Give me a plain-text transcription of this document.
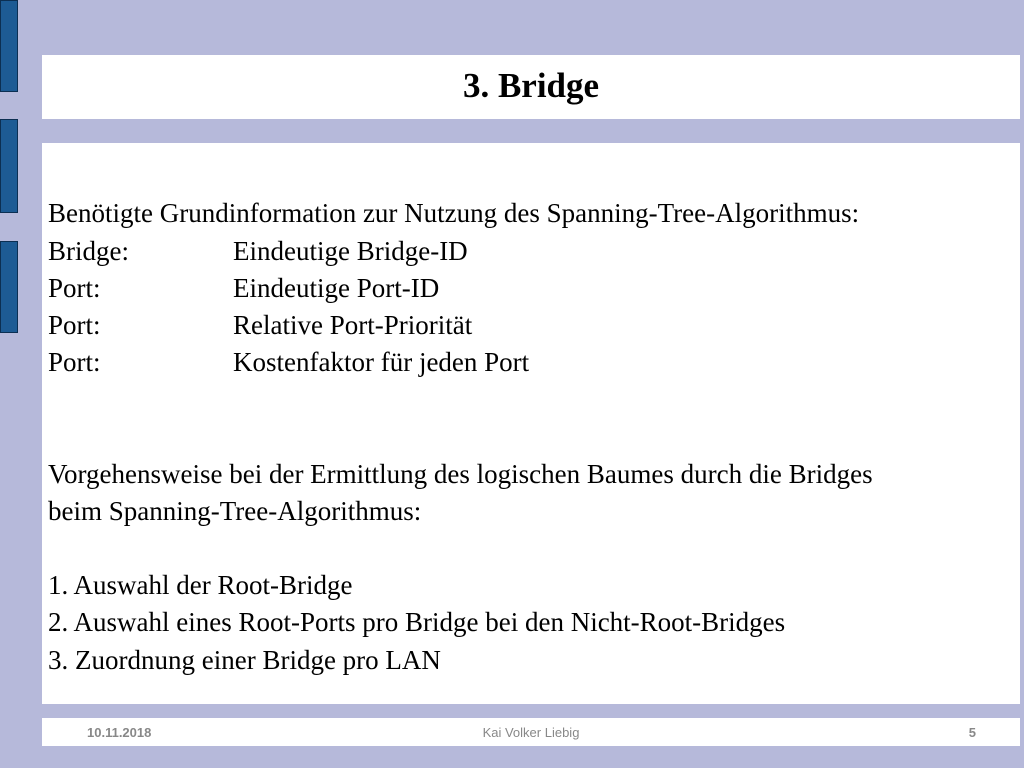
3. Bridge
Benötigte Grundinformation zur Nutzung des Spanning-Tree-Algorithmus:
Bridge:	Eindeutige Bridge-ID
Port:	Eindeutige Port-ID
Port:	Relative Port-Priorität
Port:	Kostenfaktor für jeden Port
Vorgehensweise bei der Ermittlung des logischen Baumes durch die Bridges
beim Spanning-Tree-Algorithmus:
1. Auswahl der Root-Bridge
2. Auswahl eines Root-Ports pro Bridge bei den Nicht-Root-Bridges
3. Zuordnung einer Bridge pro LAN
10.11.2018	Kai Volker Liebig	5
